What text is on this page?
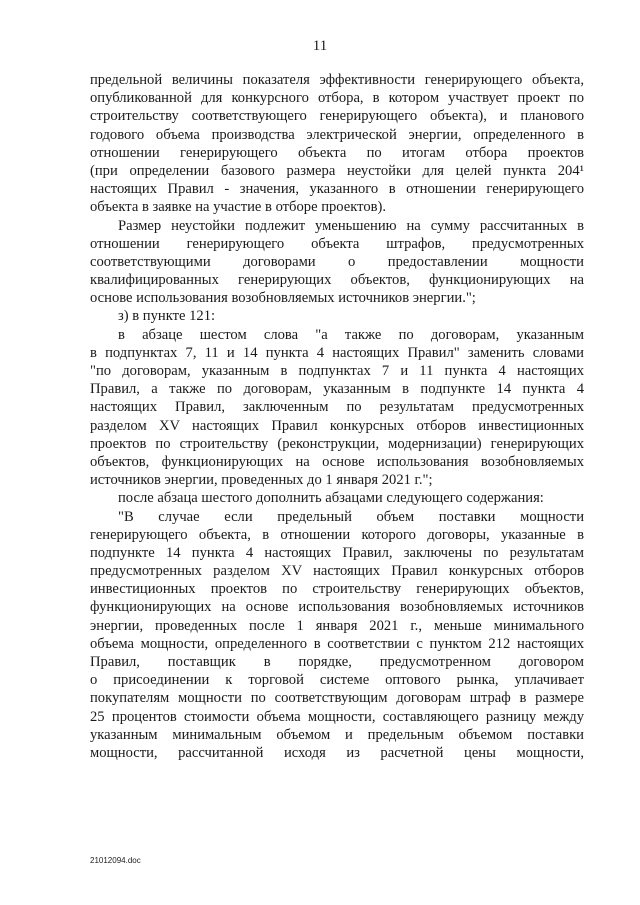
11
предельной величины показателя эффективности генерирующего объекта,
опубликованной для конкурсного отбора, в котором участвует проект по
строительству соответствующего генерирующего объекта), и планового
годового объема производства электрической энергии, определенного в
отношении генерирующего объекта по итогам отбора проектов
(при определении базового размера неустойки для целей пункта 204¹
настоящих Правил - значения, указанного в отношении генерирующего
объекта в заявке на участие в отборе проектов).
Размер неустойки подлежит уменьшению на сумму рассчитанных в
отношении генерирующего объекта штрафов, предусмотренных
соответствующими договорами о предоставлении мощности
квалифицированных генерирующих объектов, функционирующих на
основе использования возобновляемых источников энергии.";
з) в пункте 121:
в абзаце шестом слова "а также по договорам, указанным
в подпунктах 7, 11 и 14 пункта 4 настоящих Правил" заменить словами
"по договорам, указанным в подпунктах 7 и 11 пункта 4 настоящих
Правил, а также по договорам, указанным в подпункте 14 пункта 4
настоящих Правил, заключенным по результатам предусмотренных
разделом XV настоящих Правил конкурсных отборов инвестиционных
проектов по строительству (реконструкции, модернизации) генерирующих
объектов, функционирующих на основе использования возобновляемых
источников энергии, проведенных до 1 января 2021 г.";
после абзаца шестого дополнить абзацами следующего содержания:
"В случае если предельный объем поставки мощности
генерирующего объекта, в отношении которого договоры, указанные в
подпункте 14 пункта 4 настоящих Правил, заключены по результатам
предусмотренных разделом XV настоящих Правил конкурсных отборов
инвестиционных проектов по строительству генерирующих объектов,
функционирующих на основе использования возобновляемых источников
энергии, проведенных после 1 января 2021 г., меньше минимального
объема мощности, определенного в соответствии с пунктом 212 настоящих
Правил, поставщик в порядке, предусмотренном договором
о присоединении к торговой системе оптового рынка, уплачивает
покупателям мощности по соответствующим договорам штраф в размере
25 процентов стоимости объема мощности, составляющего разницу между
указанным минимальным объемом и предельным объемом поставки
мощности, рассчитанной исходя из расчетной цены мощности,
21012094.doc
